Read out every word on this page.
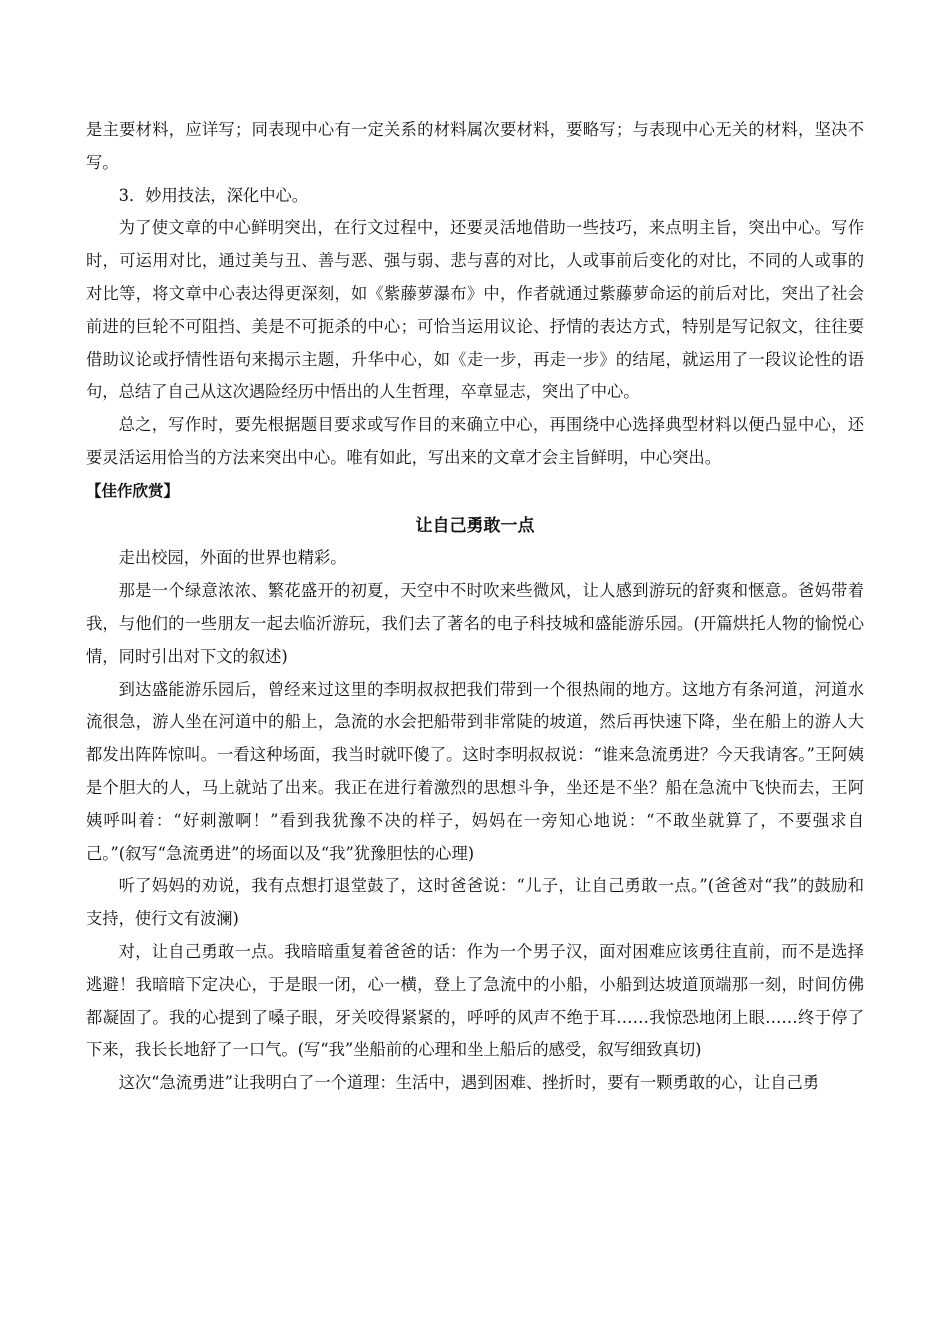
是主要材料，应详写；同表现中心有一定关系的材料属次要材料，要略写；与表现中心无关的材料，坚决不写。

3．妙用技法，深化中心。

为了使文章的中心鲜明突出，在行文过程中，还要灵活地借助一些技巧，来点明主旨，突出中心。写作时，可运用对比，通过美与丑、善与恶、强与弱、悲与喜的对比，人或事前后变化的对比，不同的人或事的对比等，将文章中心表达得更深刻，如《紫藤萝瀑布》中，作者就通过紫藤萝命运的前后对比，突出了社会前进的巨轮不可阻挡、美是不可扼杀的中心；可恰当运用议论、抒情的表达方式，特别是写记叙文，往往要借助议论或抒情性语句来揭示主题，升华中心，如《走一步，再走一步》的结尾，就运用了一段议论性的语句，总结了自己从这次遇险经历中悟出的人生哲理，卒章显志，突出了中心。

总之，写作时，要先根据题目要求或写作目的来确立中心，再围绕中心选择典型材料以便凸显中心，还要灵活运用恰当的方法来突出中心。唯有如此，写出来的文章才会主旨鲜明，中心突出。

【佳作欣赏】
让自己勇敢一点

走出校园，外面的世界也精彩。

那是一个绿意浓浓、繁花盛开的初夏，天空中不时吹来些微风，让人感到游玩的舒爽和惬意。爸妈带着我，与他们的一些朋友一起去临沂游玩，我们去了著名的电子科技城和盛能游乐园。(开篇烘托人物的愉悦心情，同时引出对下文的叙述)

到达盛能游乐园后，曾经来过这里的李明叔叔把我们带到一个很热闹的地方。这地方有条河道，河道水流很急，游人坐在河道中的船上，急流的水会把船带到非常陡的坡道，然后再快速下降，坐在船上的游人大都发出阵阵惊叫。一看这种场面，我当时就吓傻了。这时李明叔叔说：“谁来急流勇进？今天我请客。”王阿姨是个胆大的人，马上就站了出来。我正在进行着激烈的思想斗争，坐还是不坐？船在急流中飞快而去，王阿姨呼叫着：“好刺激啊！”看到我犹豫不决的样子，妈妈在一旁知心地说：“不敢坐就算了，不要强求自己。”(叙写“急流勇进”的场面以及“我”犹豫胆怯的心理)

听了妈妈的劝说，我有点想打退堂鼓了，这时爸爸说：“儿子，让自己勇敢一点。”(爸爸对“我”的鼓励和支持，使行文有波澜)

对，让自己勇敢一点。我暗暗重复着爸爸的话：作为一个男子汉，面对困难应该勇往直前，而不是选择逃避！我暗暗下定决心，于是眼一闭，心一横，登上了急流中的小船，小船到达坡道顶端那一刻，时间仿佛都凝固了。我的心提到了嗓子眼，牙关咬得紧紧的，呼呼的风声不绝于耳……我惊恐地闭上眼……终于停了下来，我长长地舒了一口气。(写“我”坐船前的心理和坐上船后的感受，叙写细致真切)

这次“急流勇进”让我明白了一个道理：生活中，遇到困难、挫折时，要有一颗勇敢的心，让自己勇
